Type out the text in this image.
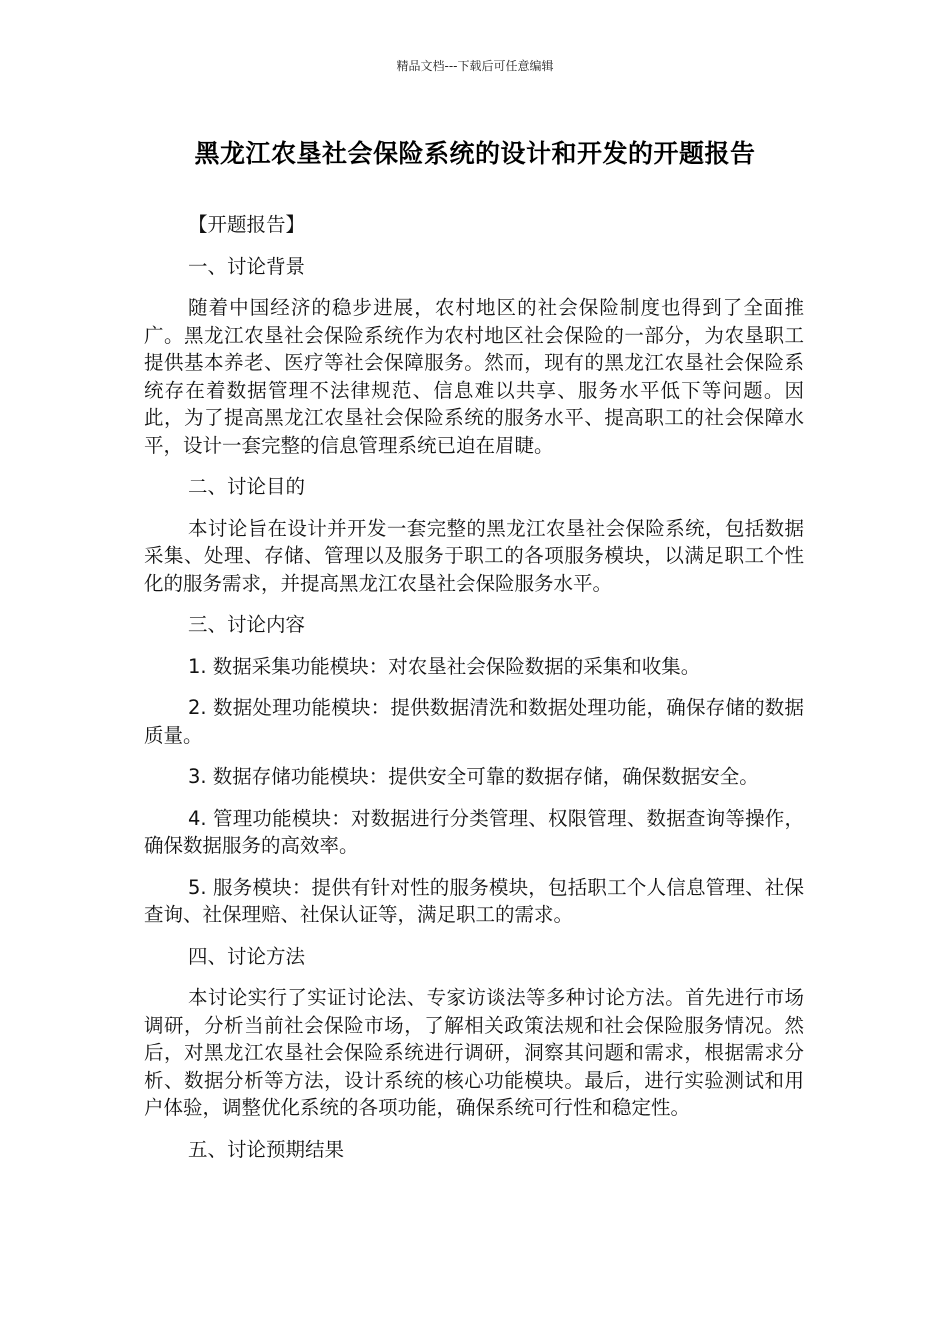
精品文档---下载后可任意编辑
黑龙江农垦社会保险系统的设计和开发的开题报告

【开题报告】

一、讨论背景

随着中国经济的稳步进展，农村地区的社会保险制度也得到了全面推广。黑龙江农垦社会保险系统作为农村地区社会保险的一部分，为农垦职工提供基本养老、医疗等社会保障服务。然而，现有的黑龙江农垦社会保险系统存在着数据管理不法律规范、信息难以共享、服务水平低下等问题。因此，为了提高黑龙江农垦社会保险系统的服务水平、提高职工的社会保障水平，设计一套完整的信息管理系统已迫在眉睫。

二、讨论目的

本讨论旨在设计并开发一套完整的黑龙江农垦社会保险系统，包括数据采集、处理、存储、管理以及服务于职工的各项服务模块，以满足职工个性化的服务需求，并提高黑龙江农垦社会保险服务水平。

三、讨论内容

1. 数据采集功能模块：对农垦社会保险数据的采集和收集。

2. 数据处理功能模块：提供数据清洗和数据处理功能，确保存储的数据质量。

3. 数据存储功能模块：提供安全可靠的数据存储，确保数据安全。

4. 管理功能模块：对数据进行分类管理、权限管理、数据查询等操作，确保数据服务的高效率。

5. 服务模块：提供有针对性的服务模块，包括职工个人信息管理、社保查询、社保理赔、社保认证等，满足职工的需求。

四、讨论方法

本讨论实行了实证讨论法、专家访谈法等多种讨论方法。首先进行市场调研，分析当前社会保险市场，了解相关政策法规和社会保险服务情况。然后，对黑龙江农垦社会保险系统进行调研，洞察其问题和需求，根据需求分析、数据分析等方法，设计系统的核心功能模块。最后，进行实验测试和用户体验，调整优化系统的各项功能，确保系统可行性和稳定性。

五、讨论预期结果
